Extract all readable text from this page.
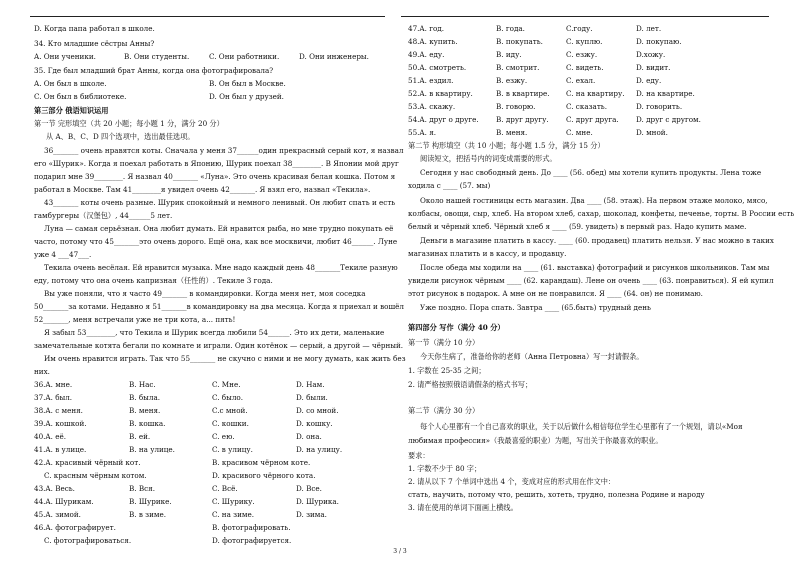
D. Когда папа работал в школе.
34. Кто младшие сёстры Анны?
A. Они ученики.	B. Они студенты.	C. Они работники.	D. Они инженеры.
35. Где был младший брат Анны, когда она фотографировала?
A. Он был в школе.	B. Он был в Москве.
C. Он был в библиотеке.	D. Он был у друзей.
第三部分 俄语知识运用
第一节 完形填空（共 20 小题；每小题 1 分，满分 20 分）
从 A、B、C、D 四个选项中，选出最佳选项。
36_______ очень нравятся коты. Сначала у меня 37______один прекрасный серый кот, я назвал
его «Шурик». Когда я поехал работать в Японию, Шурик поехал 38________. В Японии мой друг
подарил мне 39________. Я назвал 40_______ «Луна». Это очень красивая белая кошка. Потом я
работал в Москве. Там 41________я увидел очень 42_______. Я взял его, назвал «Текила».
43_______ коты очень разные. Шурик спокойный и немного ленивый. Он любит спать и есть
гамбургеры（汉堡包）, 44______5 лет.
Луна — самая серьёзная. Она любит думать. Ей нравится рыба, но мне трудно покупать её
часто, потому что 45_______это очень дорого. Ещё она, как все москвичи, любит 46______. Луне
уже 4 ___47___.
Текила очень весёлая. Ей нравится музыка. Мне надо каждый день 48_______Текиле разную
еду, потому что она очень капризная（任性的）. Текиле 3 года.
Вы уже поняли, что я часто 49_______ в командировки. Когда меня нет, моя соседка
50_______за котами. Недавно я 51_______в командировку на два месяца. Когда я приехал и вошёл
52_______, меня встречали уже не три кота, а... пять!
Я забыл 53________, что Текила и Шурик всегда любили 54______. Это их дети, маленькие
замечательные котята бегали по комнате и играли. Один котёнок — серый, а другой — чёрный.
Им очень нравится играть. Так что 55_______ не скучно с ними и не могу думать, как жить без
них.
36.A. мне.	B. Нас.	C. Мне.	D. Нам.
37.A. был.	B. была.	C. было.	D. были.
38.A. с меня.	B. меня.	C.с мной.	D. со мной.
39.A. кошкой.	B. кошка.	C. кошки.	D. кошку.
40.A. её.	B. ей.	C. ею.	D. она.
41.A. в улице.	B. на улице.	C. в улицу.	D. на улицу.
42.A. красивый чёрный кот.	B. красивом чёрном коте.
C. красным чёрным котом.	D. красивого чёрного кота.
43.A. Весь.	B. Вся.	C. Всё.	D. Все.
44.A. Шурикам.	B. Шурике.	C. Шурику.	D. Шурика.
45.A. зимой.	B. в зиме.	C. на зиме.	D. зима.
46.A. фотографирует.	B. фотографировать.
C. фотографироваться.	D. фотографируется.
47.A. год.	B. года.	C.году.	D. лет.
48.A. купить.	B. покупать.	C. куплю.	D. покупаю.
49.A. еду.	B. иду.	C. езжу.	D.хожу.
50.A. смотреть.	B. смотрит.	C. видеть.	D. видит.
51.A. ездил.	B. езжу.	C. ехал.	D. еду.
52.A. в квартиру.	B. в квартире. C. на квартиру. D. на квартире.
53.A. скажу.	B. говорю.	C. сказать.	D. говорить.
54.A. друг о друге. B. друг другу. C. друг друга. D. друг с другом.
55.A. я.	B. меня.	C. мне.	D. мной.
第二节 构形填空（共 10 小题；每小题 1.5 分，满分 15 分）
阅读短文，把括号内的词变成需要的形式。
Сегодня у нас свободный день. До ____ (56. обед) мы хотели купить продукты. Лена тоже
ходила с ____ (57. мы)
Около нашей гостиницы есть магазин. Два ____ (58. этаж). На первом этаже молоко, мясо,
колбасы, овощи, сыр, хлеб. На втором хлеб, сахар, шоколад, конфеты, печенье, торты. В России есть
белый и чёрный хлеб. Чёрный хлеб я ____ (59. увидеть) в первый раз. Надо купить маме.
Деньги в магазине платить в кассу. ____ (60. продавец) платить нельзя. У нас можно в таких
магазинах платить и в кассу, и продавцу.
После обеда мы ходили на ____ (61. выставка) фотографий и рисунков школьников. Там мы
увидели рисунок чёрным ____ (62. карандаш). Лене он очень ____ (63. понравиться). Я ей купил
этот рисунок в подарок. А мне он не понравился. Я ____ (64. он) не понимаю.
Уже поздно. Пора спать. Завтра ____ (65.быть) трудный день
第四部分 写作（满分 40 分）
第一节（满分 10 分）
今天你生病了，准备给你的老师（Анна Петровна）写一封请假条。
1. 字数在 25-35 之间；
2. 请严格按照俄语请假条的格式书写；
第二节（满分 30 分）
每个人心里都有一个自己喜欢的职业，关于以后做什么相信每位学生心里都有了一个规划，请以«Моя
любимая профессия»（我最喜爱的职业）为题，写出关于你最喜欢的职业。
要求：
1. 字数不少于 80 字；
2. 请从以下 7 个单词中选出 4 个，变成对应的形式用在作文中：
стать, научить, потому что, решить, хотеть, трудно, полезна Родине и народу
3. 请在使用的单词下面画上横线。
3 / 3
